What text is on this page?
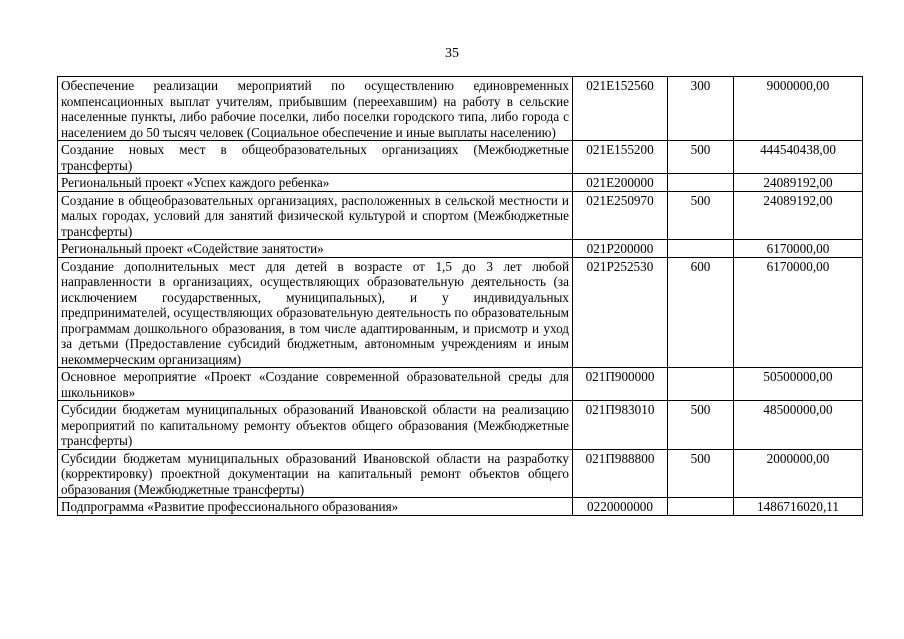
35
Обеспечение реализации мероприятий по осуществлению единовременных компенсационных выплат учителям, прибывшим (переехавшим) на работу в сельские населенные пункты, либо рабочие поселки, либо поселки городского типа, либо города с населением до 50 тысяч человек (Социальное обеспечение и иные выплаты населению)	021E152560	300	9000000,00
Создание новых мест в общеобразовательных организациях (Межбюджетные трансферты)	021E155200	500	444540438,00
Региональный проект «Успех каждого ребенка»	021E200000		24089192,00
Создание в общеобразовательных организациях, расположенных в сельской местности и малых городах, условий для занятий физической культурой и спортом (Межбюджетные трансферты)	021E250970	500	24089192,00
Региональный проект «Содействие занятости»	021P200000		6170000,00
Создание дополнительных мест для детей в возрасте от 1,5 до 3 лет любой направленности в организациях, осуществляющих образовательную деятельность (за исключением государственных, муниципальных), и у индивидуальных предпринимателей, осуществляющих образовательную деятельность по образовательным программам дошкольного образования, в том числе адаптированным, и присмотр и уход за детьми (Предоставление субсидий бюджетным, автономным учреждениям и иным некоммерческим организациям)	021P252530	600	6170000,00
Основное мероприятие «Проект «Создание современной образовательной среды для школьников»	021П900000		50500000,00
Субсидии бюджетам муниципальных образований Ивановской области на реализацию мероприятий по капитальному ремонту объектов общего образования (Межбюджетные трансферты)	021П983010	500	48500000,00
Субсидии бюджетам муниципальных образований Ивановской области на разработку (корректировку) проектной документации на капитальный ремонт объектов общего образования (Межбюджетные трансферты)	021П988800	500	2000000,00
Подпрограмма «Развитие профессионального образования»	0220000000		1486716020,11
